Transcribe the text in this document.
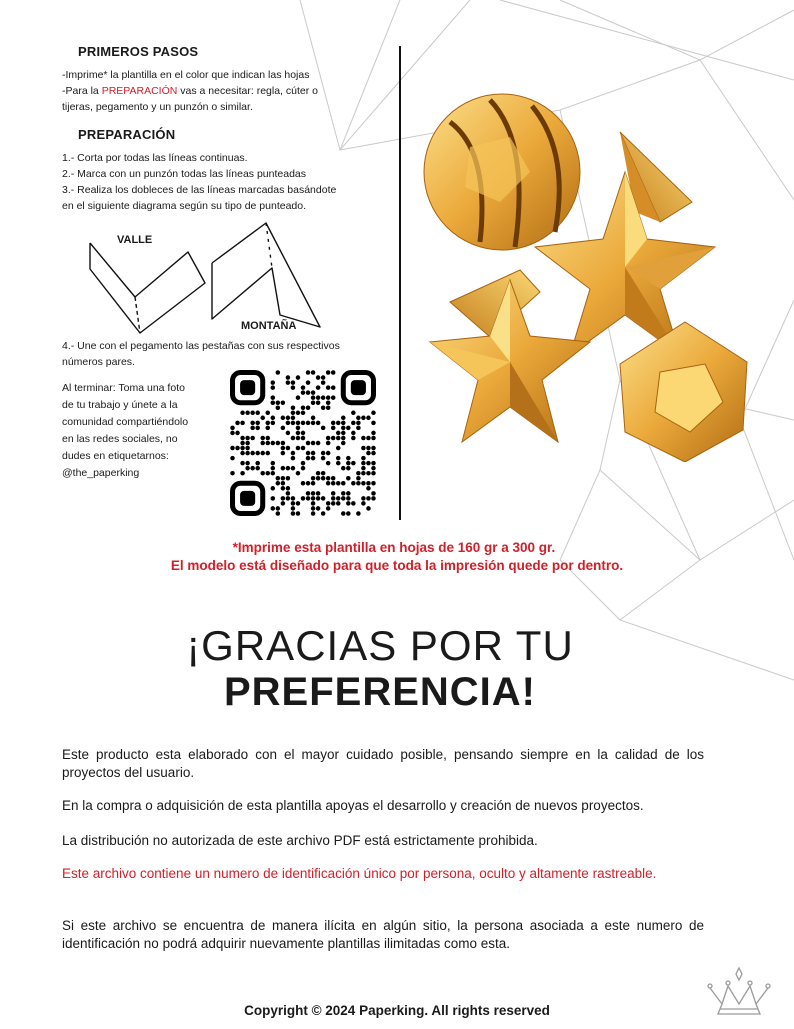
PRIMEROS PASOS
-Imprime* la plantilla en el color que indican las hojas
-Para la PREPARACIÓN vas a necesitar: regla, cúter o
tijeras, pegamento y un punzón o similar.
PREPARACIÓN
1.- Corta por todas las líneas continuas.
2.- Marca con un punzón todas las líneas punteadas
3.- Realiza los dobleces de las líneas marcadas basándote
en el siguiente diagrama según su tipo de punteado.
VALLE
MONTAÑA
4.- Une con el pegamento las pestañas con sus respectivos
números pares.
Al terminar: Toma una foto
de tu trabajo y únete a la
comunidad compartiéndolo
en las redes sociales, no
dudes en etiquetarnos:
@the_paperking
*Imprime esta plantilla en hojas de 160 gr a 300 gr.
El modelo está diseñado para que toda la impresión quede por dentro.
¡GRACIAS POR TU
PREFERENCIA!
Este producto esta elaborado con el mayor cuidado posible, pensando siempre en la calidad de los proyectos del usuario.
En la compra o adquisición de esta plantilla apoyas el desarrollo y creación de nuevos proyectos.
La distribución no autorizada de este archivo PDF está estrictamente prohibida.
Este archivo contiene un numero de identificación único por persona, oculto y altamente rastreable.
Si este archivo se encuentra de manera ilícita en algún sitio, la persona asociada a este numero de identificación no podrá adquirir nuevamente plantillas ilimitadas como esta.
Copyright © 2024 Paperking. All rights reserved
